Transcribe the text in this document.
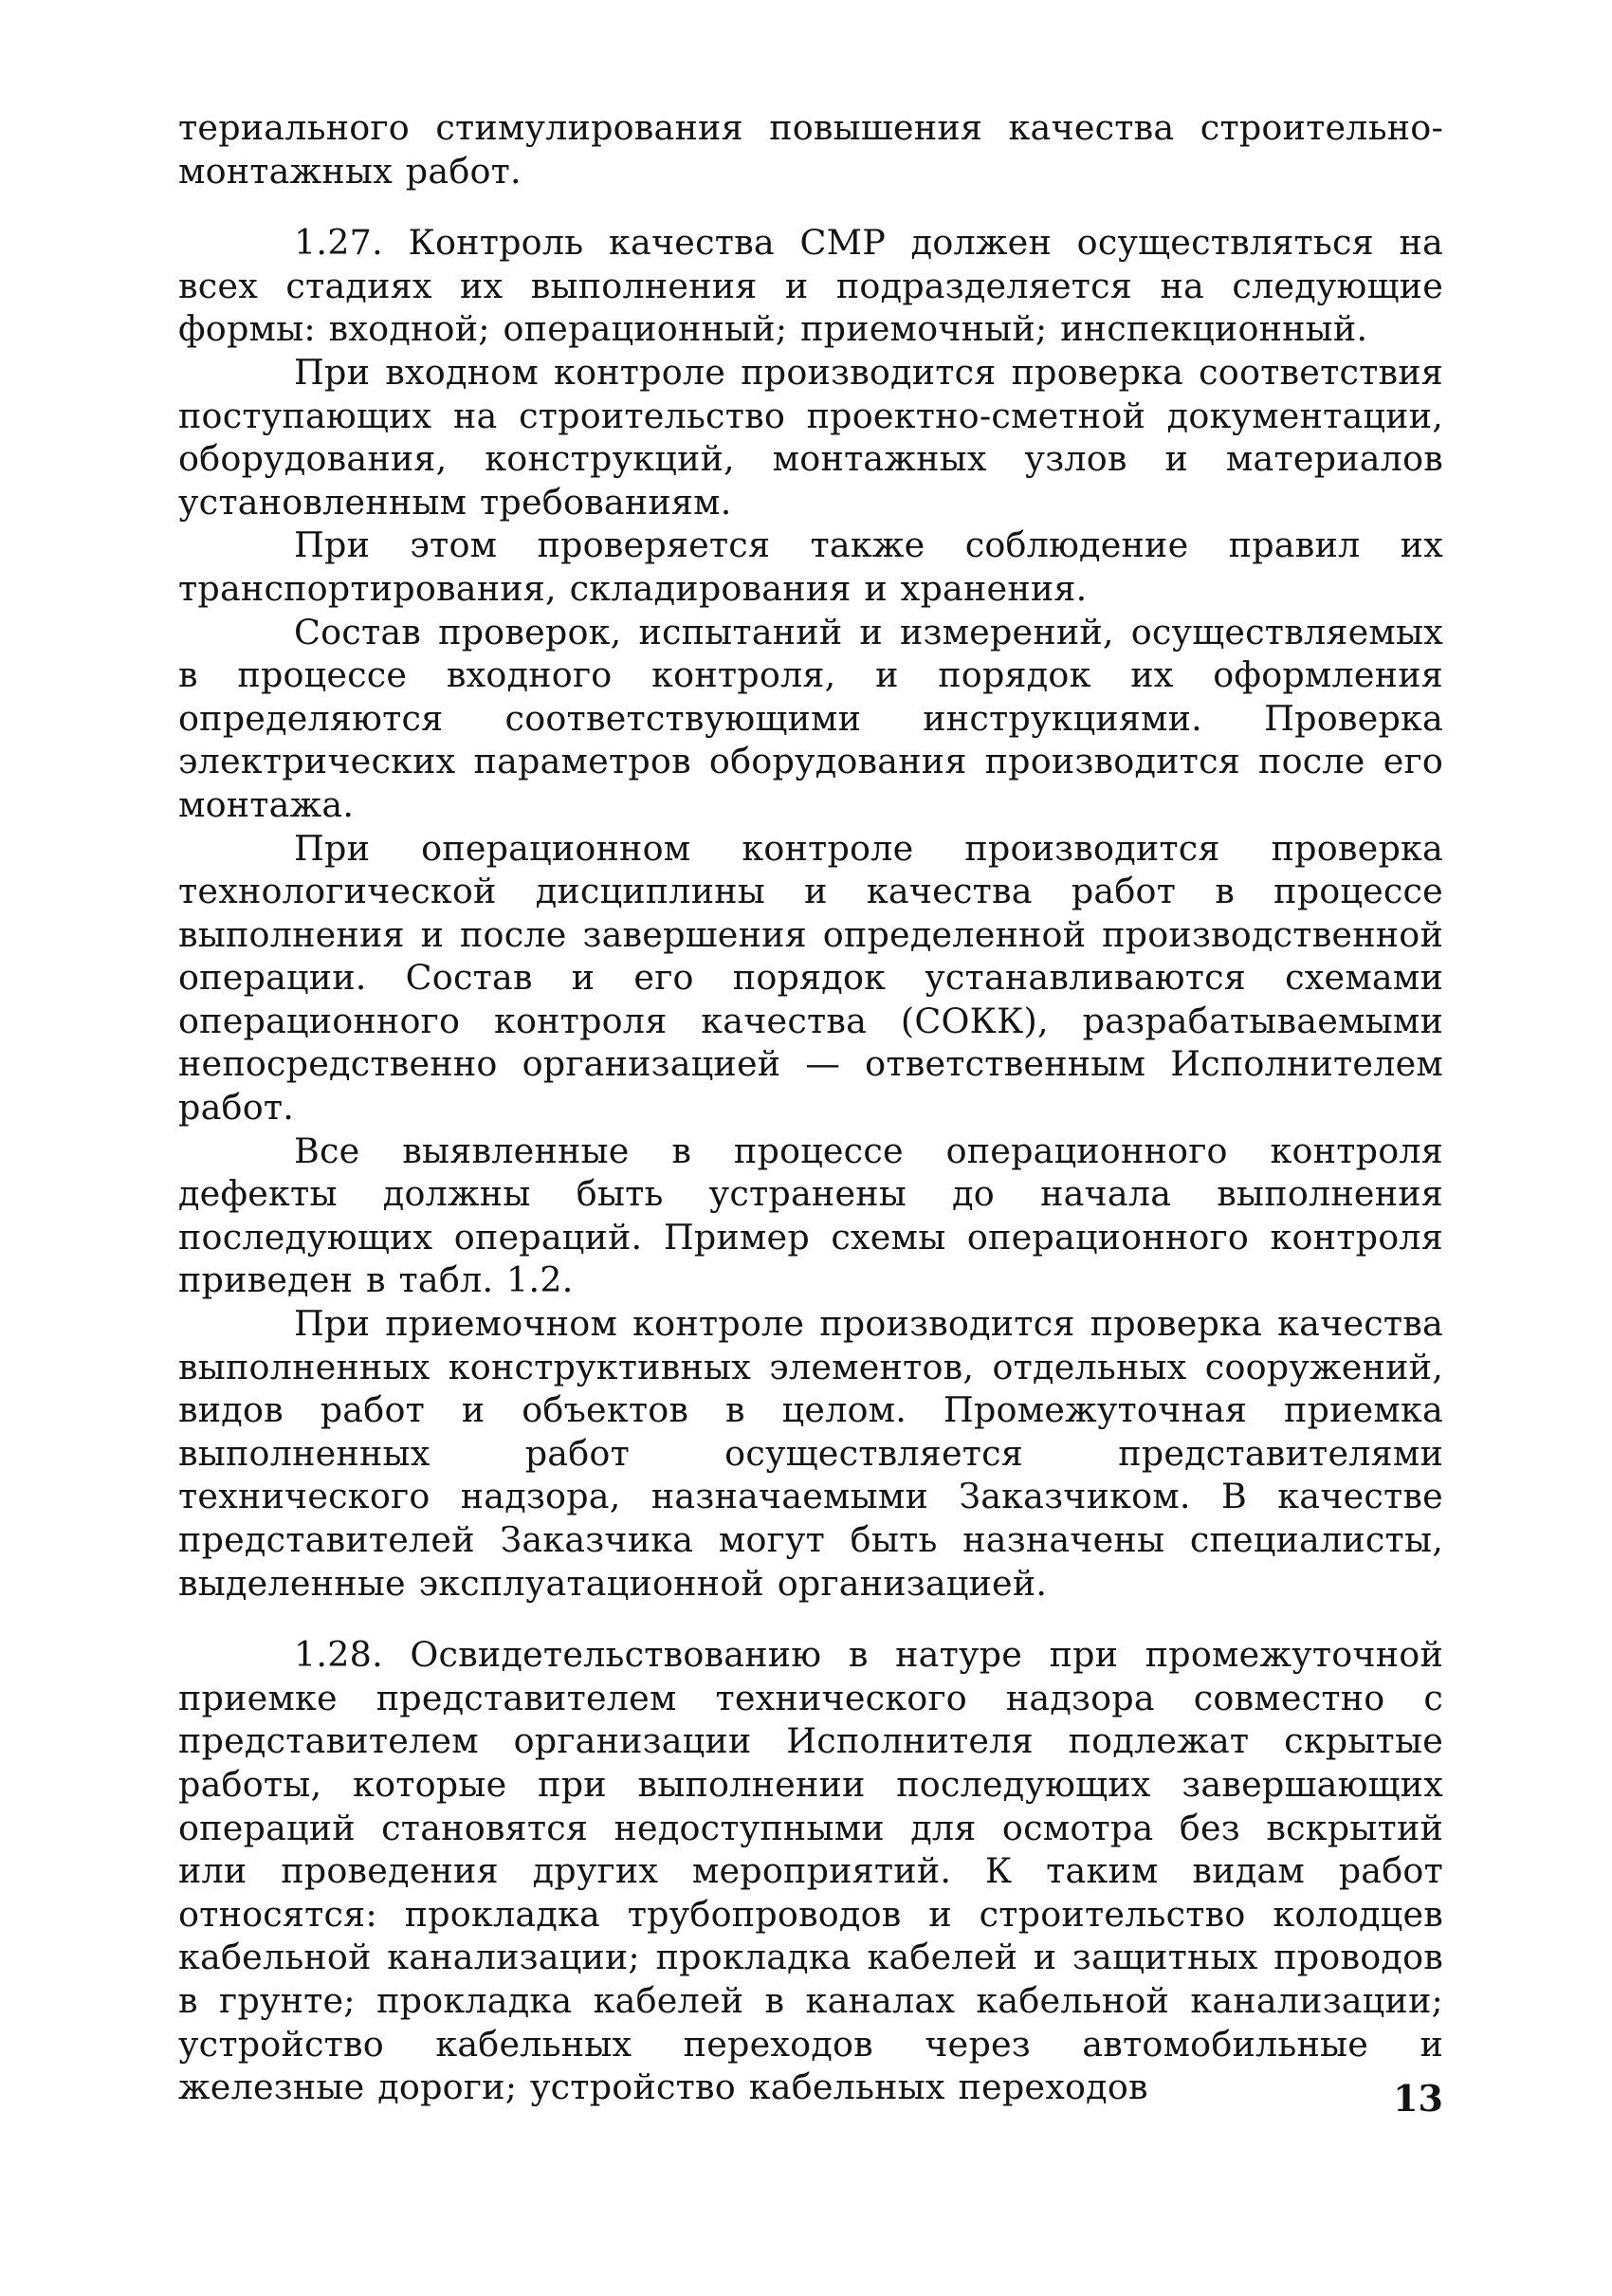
териального стимулирования повышения качества строительно-монтажных работ.

1.27. Контроль качества СМР должен осуществляться на всех стадиях их выполнения и подразделяется на следующие формы: входной; операционный; приемочный; инспекционный.

При входном контроле производится проверка соответствия поступающих на строительство проектно-сметной документации, оборудования, конструкций, монтажных узлов и материалов установленным требованиям.

При этом проверяется также соблюдение правил их транспортирования, складирования и хранения.

Состав проверок, испытаний и измерений, осуществляемых в процессе входного контроля, и порядок их оформления определяются соответствующими инструкциями. Проверка электрических параметров оборудования производится после его монтажа.

При операционном контроле производится проверка технологической дисциплины и качества работ в процессе выполнения и после завершения определенной производственной операции. Состав и его порядок устанавливаются схемами операционного контроля качества (СОКК), разрабатываемыми непосредственно организацией — ответственным Исполнителем работ.

Все выявленные в процессе операционного контроля дефекты должны быть устранены до начала выполнения последующих операций. Пример схемы операционного контроля приведен в табл. 1.2.

При приемочном контроле производится проверка качества выполненных конструктивных элементов, отдельных сооружений, видов работ и объектов в целом. Промежуточная приемка выполненных работ осуществляется представителями технического надзора, назначаемыми Заказчиком. В качестве представителей Заказчика могут быть назначены специалисты, выделенные эксплуатационной организацией.

1.28. Освидетельствованию в натуре при промежуточной приемке представителем технического надзора совместно с представителем организации Исполнителя подлежат скрытые работы, которые при выполнении последующих завершающих операций становятся недоступными для осмотра без вскрытий или проведения других мероприятий. К таким видам работ относятся: прокладка трубопроводов и строительство колодцев кабельной канализации; прокладка кабелей и защитных проводов в грунте; прокладка кабелей в каналах кабельной канализации; устройство кабельных переходов через автомобильные и железные дороги; устройство кабельных переходов	13
